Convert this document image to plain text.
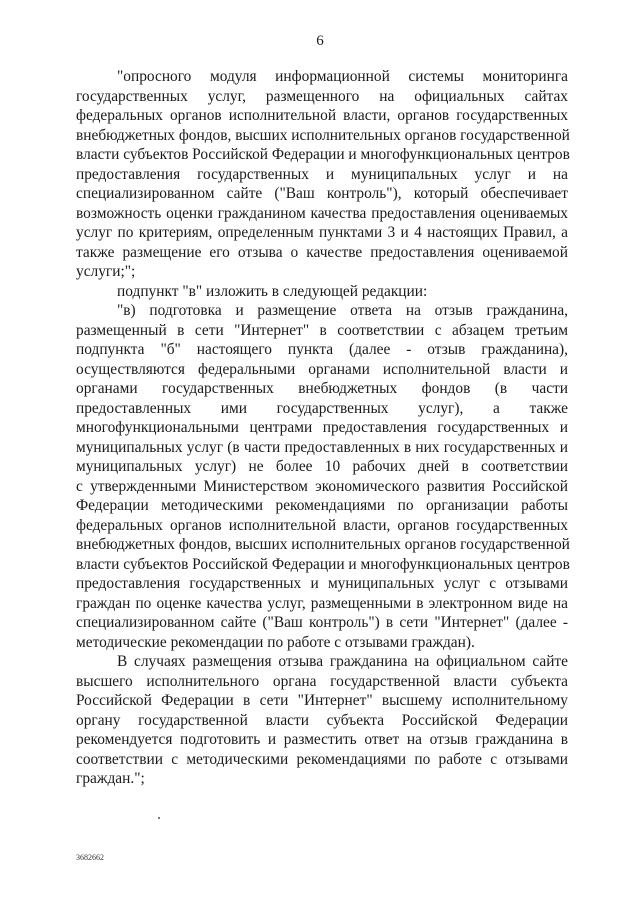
6
"опросного модуля информационной системы мониторинга
государственных услуг, размещенного на официальных сайтах
федеральных органов исполнительной власти, органов государственных
внебюджетных фондов, высших исполнительных органов государственной
власти субъектов Российской Федерации и многофункциональных центров
предоставления государственных и муниципальных услуг и на
специализированном сайте ("Ваш контроль"), который обеспечивает
возможность оценки гражданином качества предоставления оцениваемых
услуг по критериям, определенным пунктами 3 и 4 настоящих Правил, а
также размещение его отзыва о качестве предоставления оцениваемой
услуги;";
подпункт "в" изложить в следующей редакции:
"в) подготовка и размещение ответа на отзыв гражданина,
размещенный в сети "Интернет" в соответствии с абзацем третьим
подпункта "б" настоящего пункта (далее - отзыв гражданина),
осуществляются федеральными органами исполнительной власти и
органами государственных внебюджетных фондов (в части
предоставленных ими государственных услуг), а также
многофункциональными центрами предоставления государственных и
муниципальных услуг (в части предоставленных в них государственных и
муниципальных услуг) не более 10 рабочих дней в соответствии
с утвержденными Министерством экономического развития Российской
Федерации методическими рекомендациями по организации работы
федеральных органов исполнительной власти, органов государственных
внебюджетных фондов, высших исполнительных органов государственной
власти субъектов Российской Федерации и многофункциональных центров
предоставления государственных и муниципальных услуг с отзывами
граждан по оценке качества услуг, размещенными в электронном виде на
специализированном сайте ("Ваш контроль") в сети "Интернет" (далее -
методические рекомендации по работе с отзывами граждан).
В случаях размещения отзыва гражданина на официальном сайте
высшего исполнительного органа государственной власти субъекта
Российской Федерации в сети "Интернет" высшему исполнительному
органу государственной власти субъекта Российской Федерации
рекомендуется подготовить и разместить ответ на отзыв гражданина в
соответствии с методическими рекомендациями по работе с отзывами
граждан.";
3682662
